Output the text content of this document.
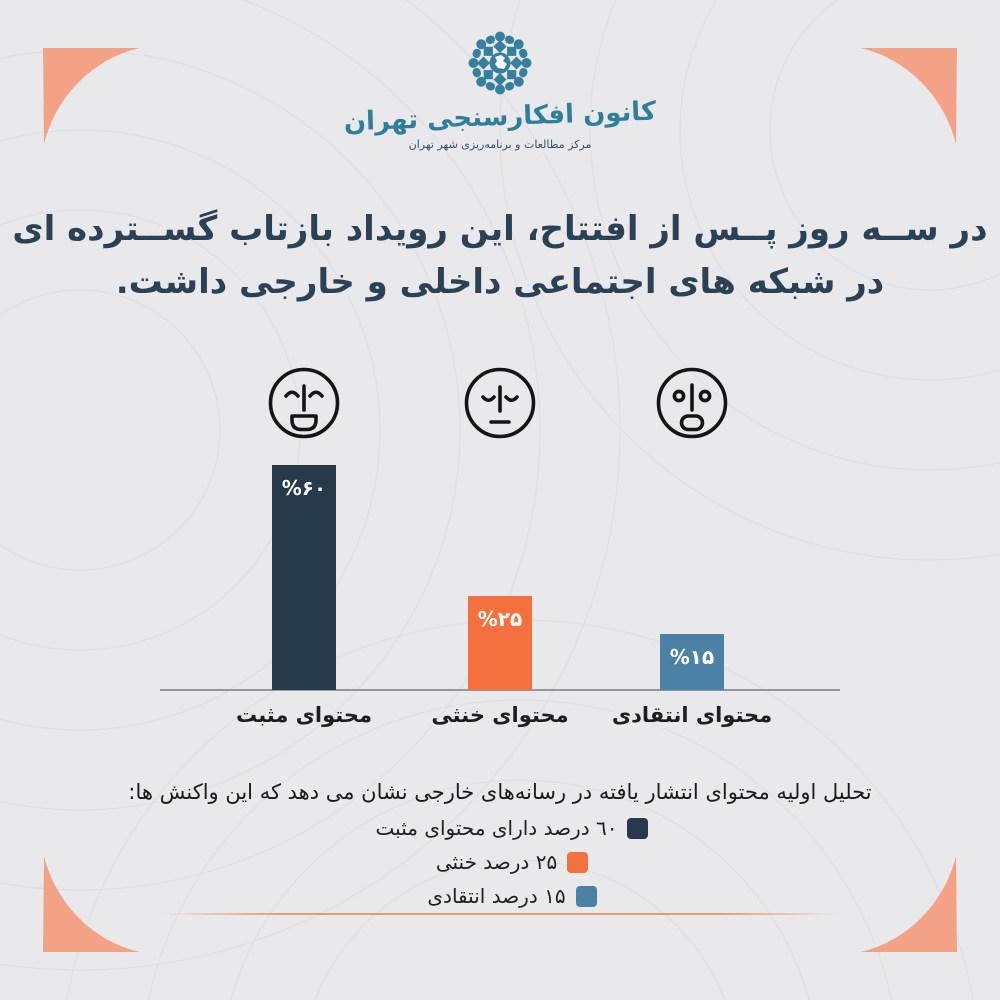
کانون افکارسنجی تهران
مرکز مطالعات و برنامه‌ریزی شهر تهران
در ســه روز پــس از افتتاح، این رویداد بازتاب گســترده ای
در شبکه های اجتماعی داخلی و خارجی داشت.
%۶۰
%۲۵
%۱۵
محتوای مثبت	محتوای خنثی	محتوای انتقادی
تحلیل اولیه محتوای انتشار یافته در رسانه‌های خارجی نشان می دهد که این واکنش ها:
٦٠ درصد دارای محتوای مثبت
۲۵ درصد خنثی
۱۵ درصد انتقادی
